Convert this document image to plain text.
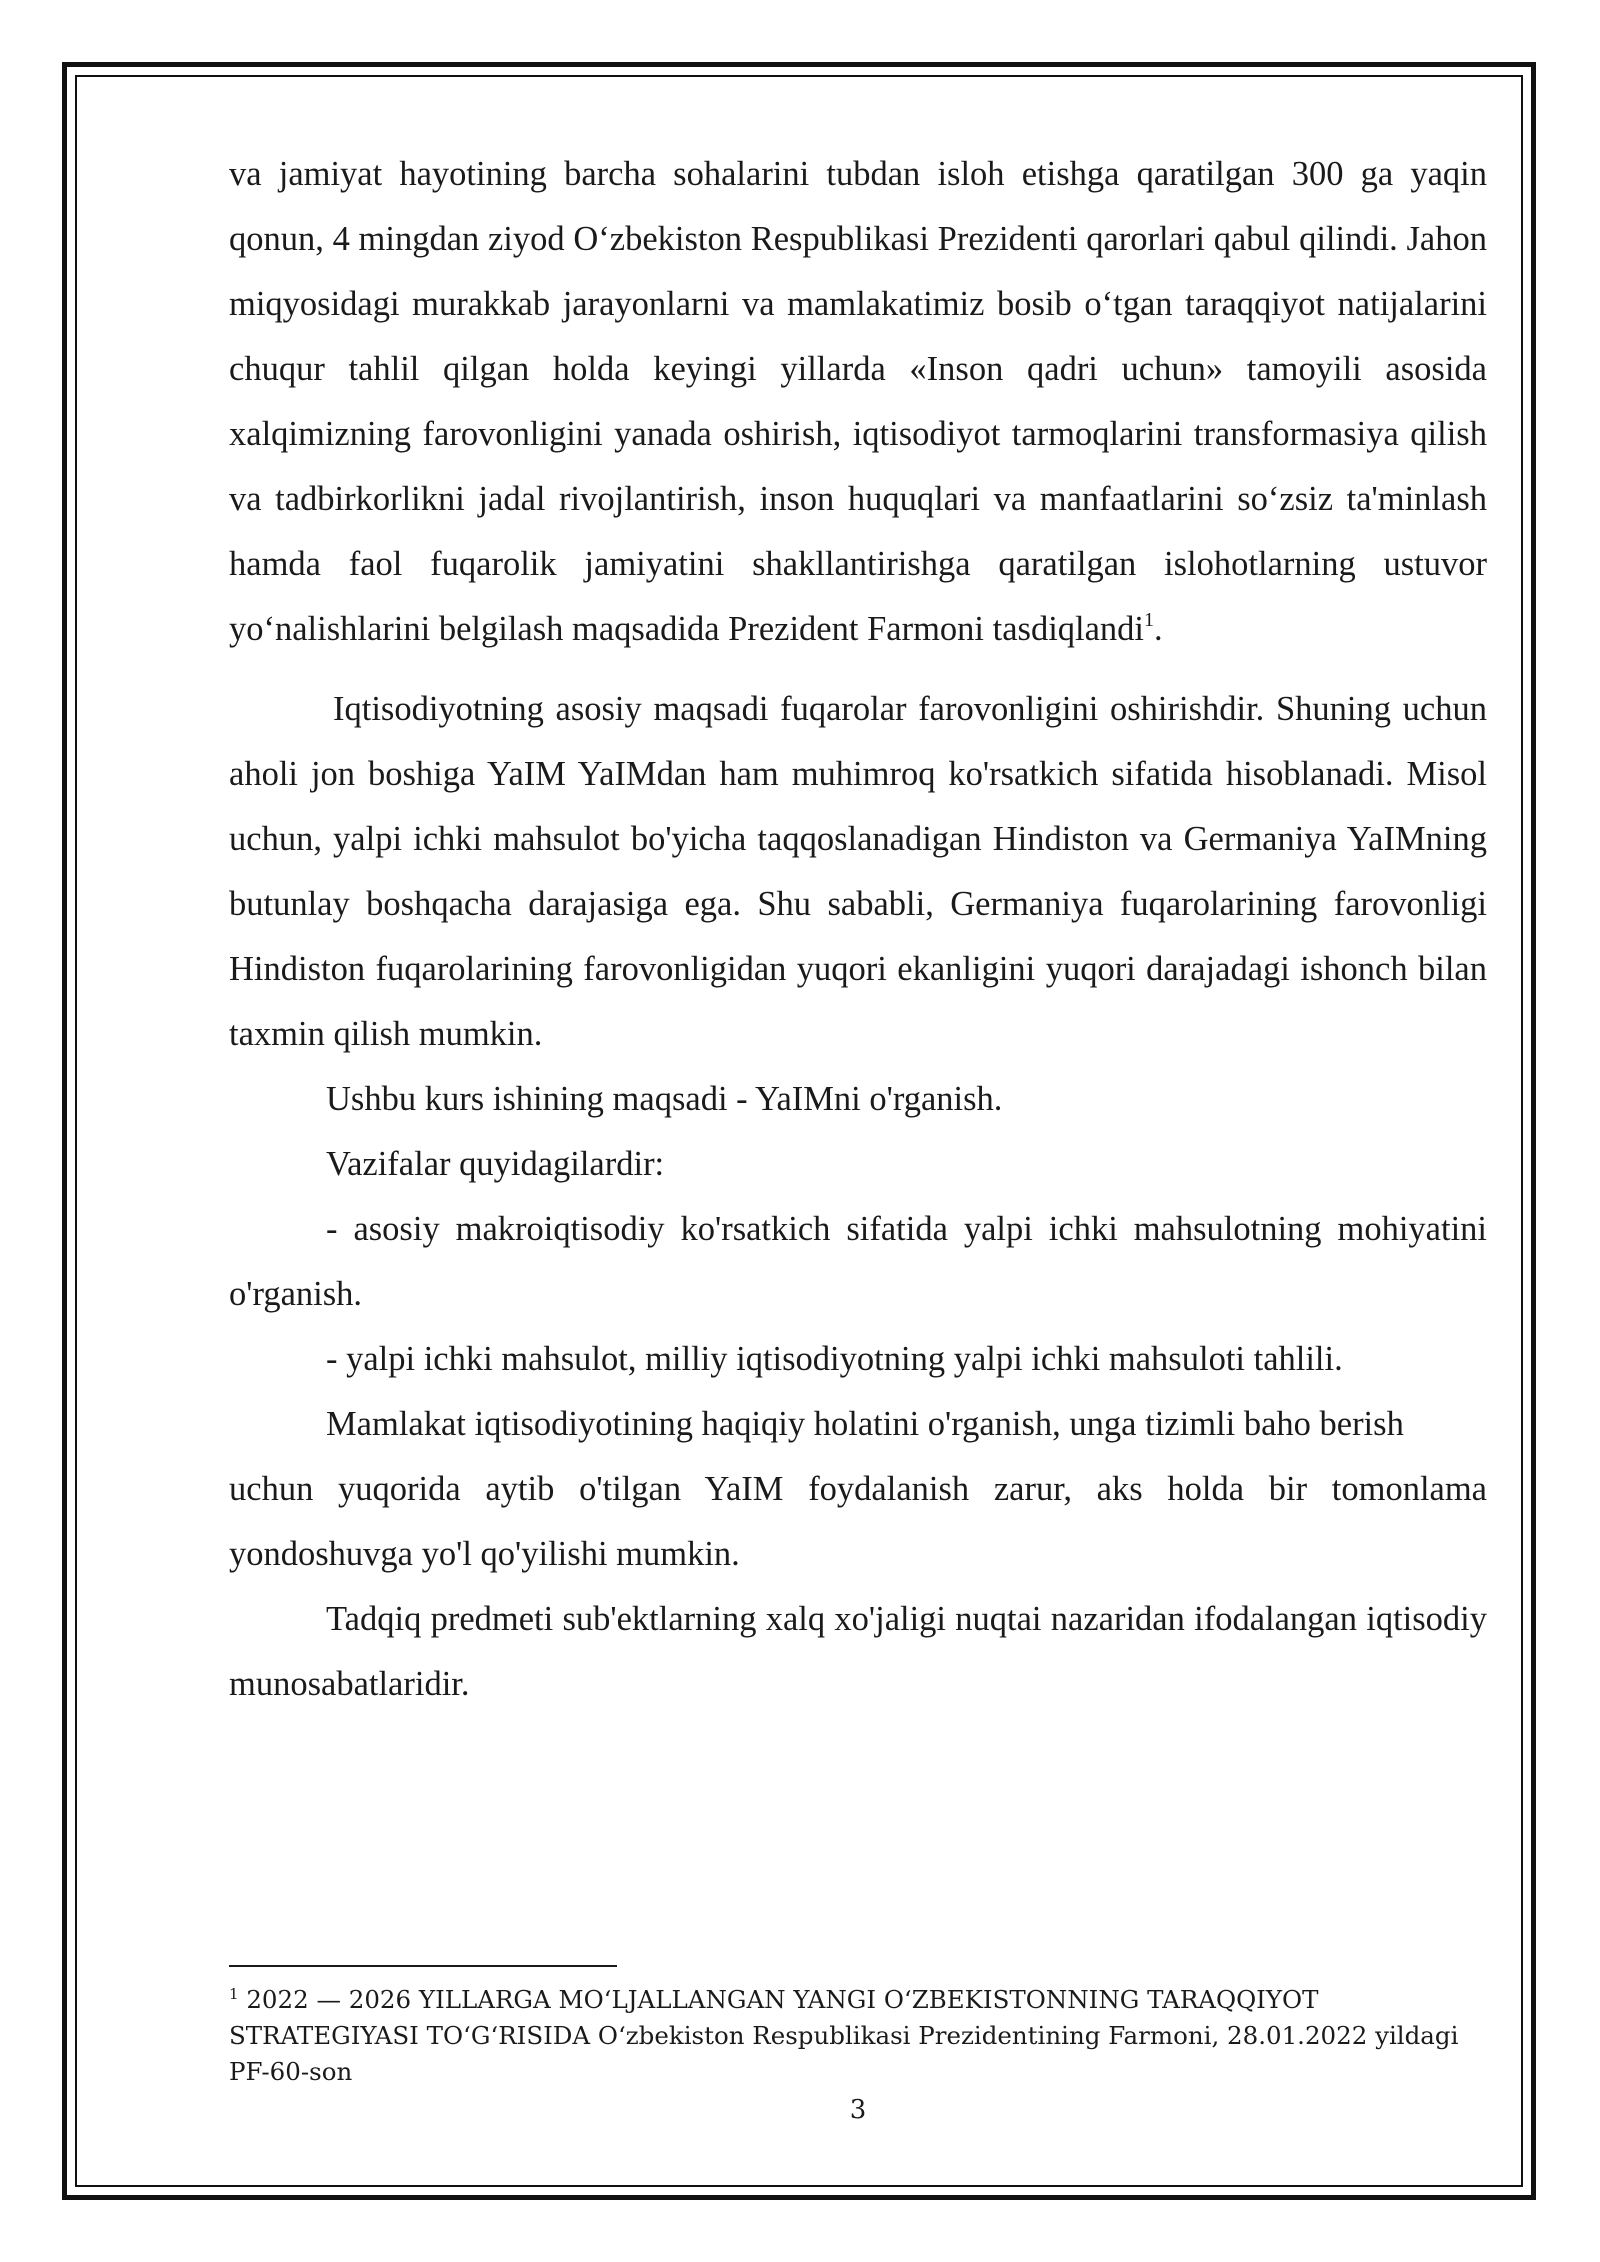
va jamiyat hayotining barcha sohalarini tubdan isloh etishga qaratilgan 300 ga yaqin qonun, 4 mingdan ziyod O‘zbekiston Respublikasi Prezidenti qarorlari qabul qilindi. Jahon miqyosidagi murakkab jarayonlarni va mamlakatimiz bosib o‘tgan taraqqiyot natijalarini chuqur tahlil qilgan holda keyingi yillarda «Inson qadri uchun» tamoyili asosida xalqimizning farovonligini yanada oshirish, iqtisodiyot tarmoqlarini transformasiya qilish va tadbirkorlikni jadal rivojlantirish, inson huquqlari va manfaatlarini so‘zsiz ta'minlash hamda faol fuqarolik jamiyatini shakllantirishga qaratilgan islohotlarning ustuvor yo‘nalishlarini belgilash maqsadida Prezident Farmoni tasdiqlandi$^1$.

Iqtisodiyotning asosiy maqsadi fuqarolar farovonligini oshirishdir. Shuning uchun aholi jon boshiga YaIM YaIMdan ham muhimroq ko'rsatkich sifatida hisoblanadi. Misol uchun, yalpi ichki mahsulot bo'yicha taqqoslanadigan Hindiston va Germaniya YaIMning butunlay boshqacha darajasiga ega. Shu sababli, Germaniya fuqarolarining farovonligi Hindiston fuqarolarining farovonligidan yuqori ekanligini yuqori darajadagi ishonch bilan taxmin qilish mumkin.

Ushbu kurs ishining maqsadi - YaIMni o'rganish.

Vazifalar quyidagilardir:

- asosiy makroiqtisodiy ko'rsatkich sifatida yalpi ichki mahsulotning mohiyatini o'rganish.

- yalpi ichki mahsulot, milliy iqtisodiyotning yalpi ichki mahsuloti tahlili.

Mamlakat iqtisodiyotining haqiqiy holatini o'rganish, unga tizimli baho berish

uchun yuqorida aytib o'tilgan YaIM foydalanish zarur, aks holda bir tomonlama yondoshuvga yo'l qo'yilishi mumkin.

Tadqiq predmeti sub'ektlarning xalq xo'jaligi nuqtai nazaridan ifodalangan iqtisodiy munosabatlaridir.

$^1$ 2022 — 2026 YILLARGA MO‘LJALLANGAN YANGI O‘ZBEKISTONNING TARAQQIYOT STRATEGIYASI TO‘G‘RISIDA O‘zbekiston Respublikasi Prezidentining Farmoni, 28.01.2022 yildagi PF-60-son
3
